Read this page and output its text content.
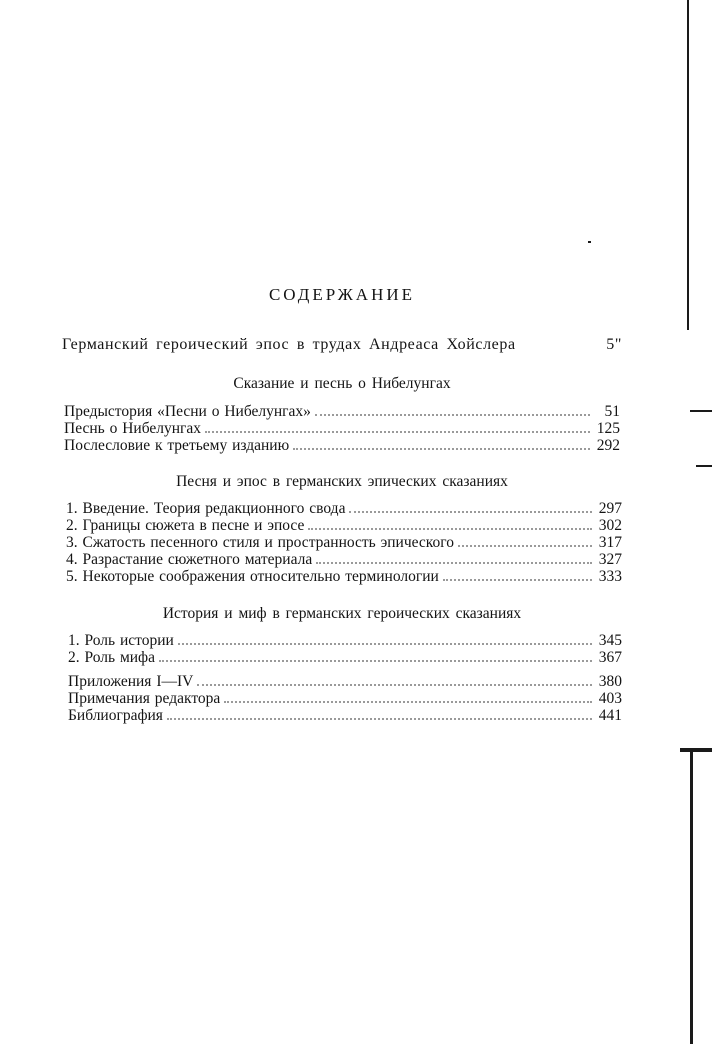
СОДЕРЖАНИЕ
Германский героический эпос в трудах Андреаса Хойслера	5"
Сказание и песнь о Нибелунгах
Предыстория «Песни о Нибелунгах»	51
Песнь о Нибелунгах	125
Послесловие к третьему изданию	292
Песня и эпос в германских эпических сказаниях
1. Введение. Теория редакционного свода	297
2. Границы сюжета в песне и эпосе	302
3. Сжатость песенного стиля и пространность эпического	317
4. Разрастание сюжетного материала	327
5. Некоторые соображения относительно терминологии	333
История и миф в германских героических сказаниях
1. Роль истории	345
2. Роль мифа	367
Приложения I—IV	380
Примечания редактора	403
Библиография	441
